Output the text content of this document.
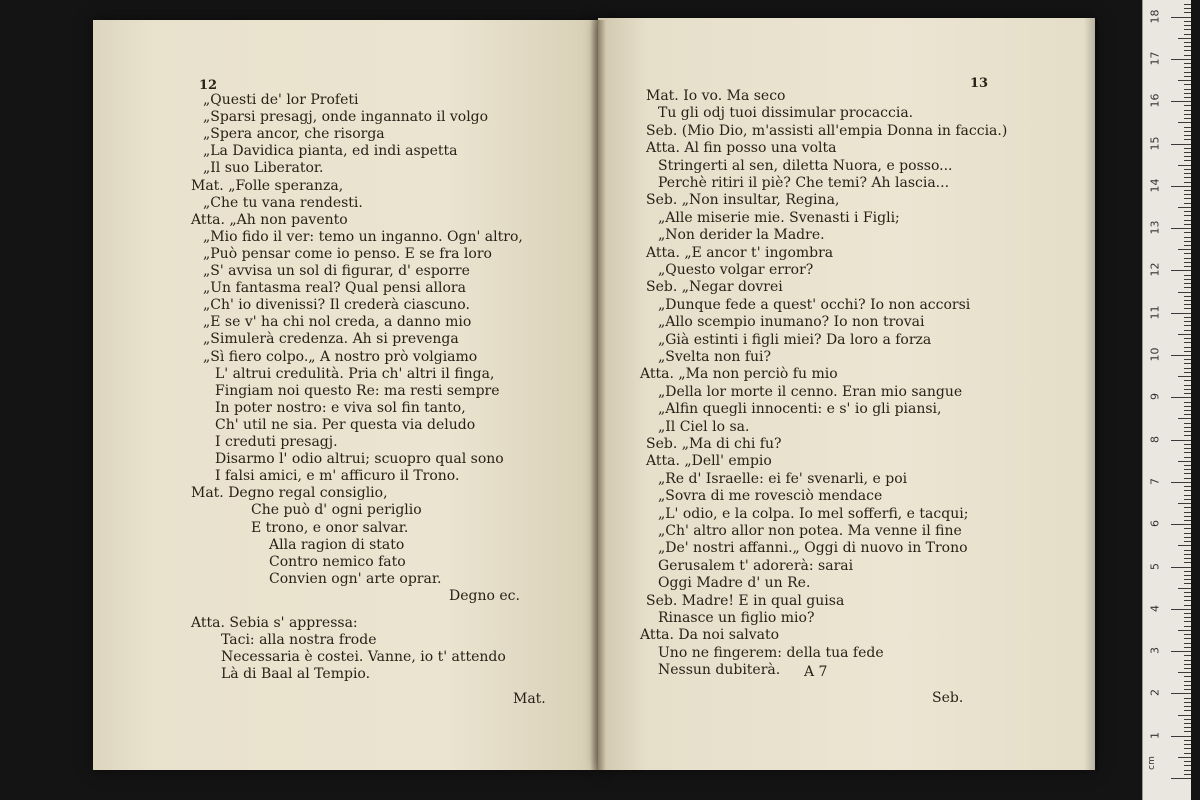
12
„Questi de' lor Profeti
„Sparsi presagj, onde ingannato il volgo
„Spera ancor, che risorga
„La Davidica pianta, ed indi aspetta
„Il suo Liberator.
Mat. „Folle speranza,
„Che tu vana rendesti.
Atta. „Ah non pavento
„Mio fido il ver: temo un inganno. Ogn' altro,
„Può pensar come io penso. E se fra loro
„S' avvisa un sol di figurar, d' esporre
„Un fantasma real? Qual pensi allora
„Ch' io divenissi? Il crederà ciascuno.
„E se v' ha chi nol creda, a danno mio
„Simulerà credenza. Ah si prevenga
„Sì fiero colpo.„ A nostro prò volgiamo
L' altrui credulità. Pria ch' altri il finga,
Fingiam noi questo Re: ma resti sempre
In poter nostro: e viva sol fin tanto,
Ch' util ne sia. Per questa via deludo
I creduti presagj.
Disarmo l' odio altrui; scuopro qual sono
I falsi amici, e m' afficuro il Trono.
Mat. Degno regal consiglio,
Che può d' ogni periglio
E trono, e onor salvar.
Alla ragion di stato
Contro nemico fato
Convien ogn' arte oprar.
Degno ec.
Atta. Sebia s' appressa:
Taci: alla nostra frode
Necessaria è costei. Vanne, io t' attendo
Là di Baal al Tempio.
Mat.
13
Mat. Io vo. Ma seco
Tu gli odj tuoi dissimular procaccia.
Seb. (Mio Dio, m'assisti all'empia Donna in faccia.)
Atta. Al fin posso una volta
Stringerti al sen, diletta Nuora, e posso...
Perchè ritiri il piè? Che temi? Ah lascia...
Seb. „Non insultar, Regina,
„Alle miserie mie. Svenasti i Figli;
„Non derider la Madre.
Atta. „E ancor t' ingombra
„Questo volgar error?
Seb. „Negar dovrei
„Dunque fede a quest' occhi? Io non accorsi
„Allo scempio inumano? Io non trovai
„Già estinti i figli miei? Da loro a forza
„Svelta non fui?
Atta. „Ma non perciò fu mio
„Della lor morte il cenno. Eran mio sangue
„Alfin quegli innocenti: e s' io gli piansi,
„Il Ciel lo sa.
Seb. „Ma di chi fu?
Atta. „Dell' empio
„Re d' Israelle: ei fe' svenarli, e poi
„Sovra di me rovesciò mendace
„L' odio, e la colpa. Io mel sofferfi, e tacqui;
„Ch' altro allor non potea. Ma venne il fine
„De' nostri affanni.„ Oggi di nuovo in Trono
Gerusalem t' adorerà: sarai
Oggi Madre d' un Re.
Seb. Madre! E in qual guisa
Rinasce un figlio mio?
Atta. Da noi salvato
Uno ne fingerem: della tua fede
Nessun dubiterà.
Seb.
A 7
cm
1
2
3
4
5
6
7
8
9
10
11
12
13
14
15
16
17
18
